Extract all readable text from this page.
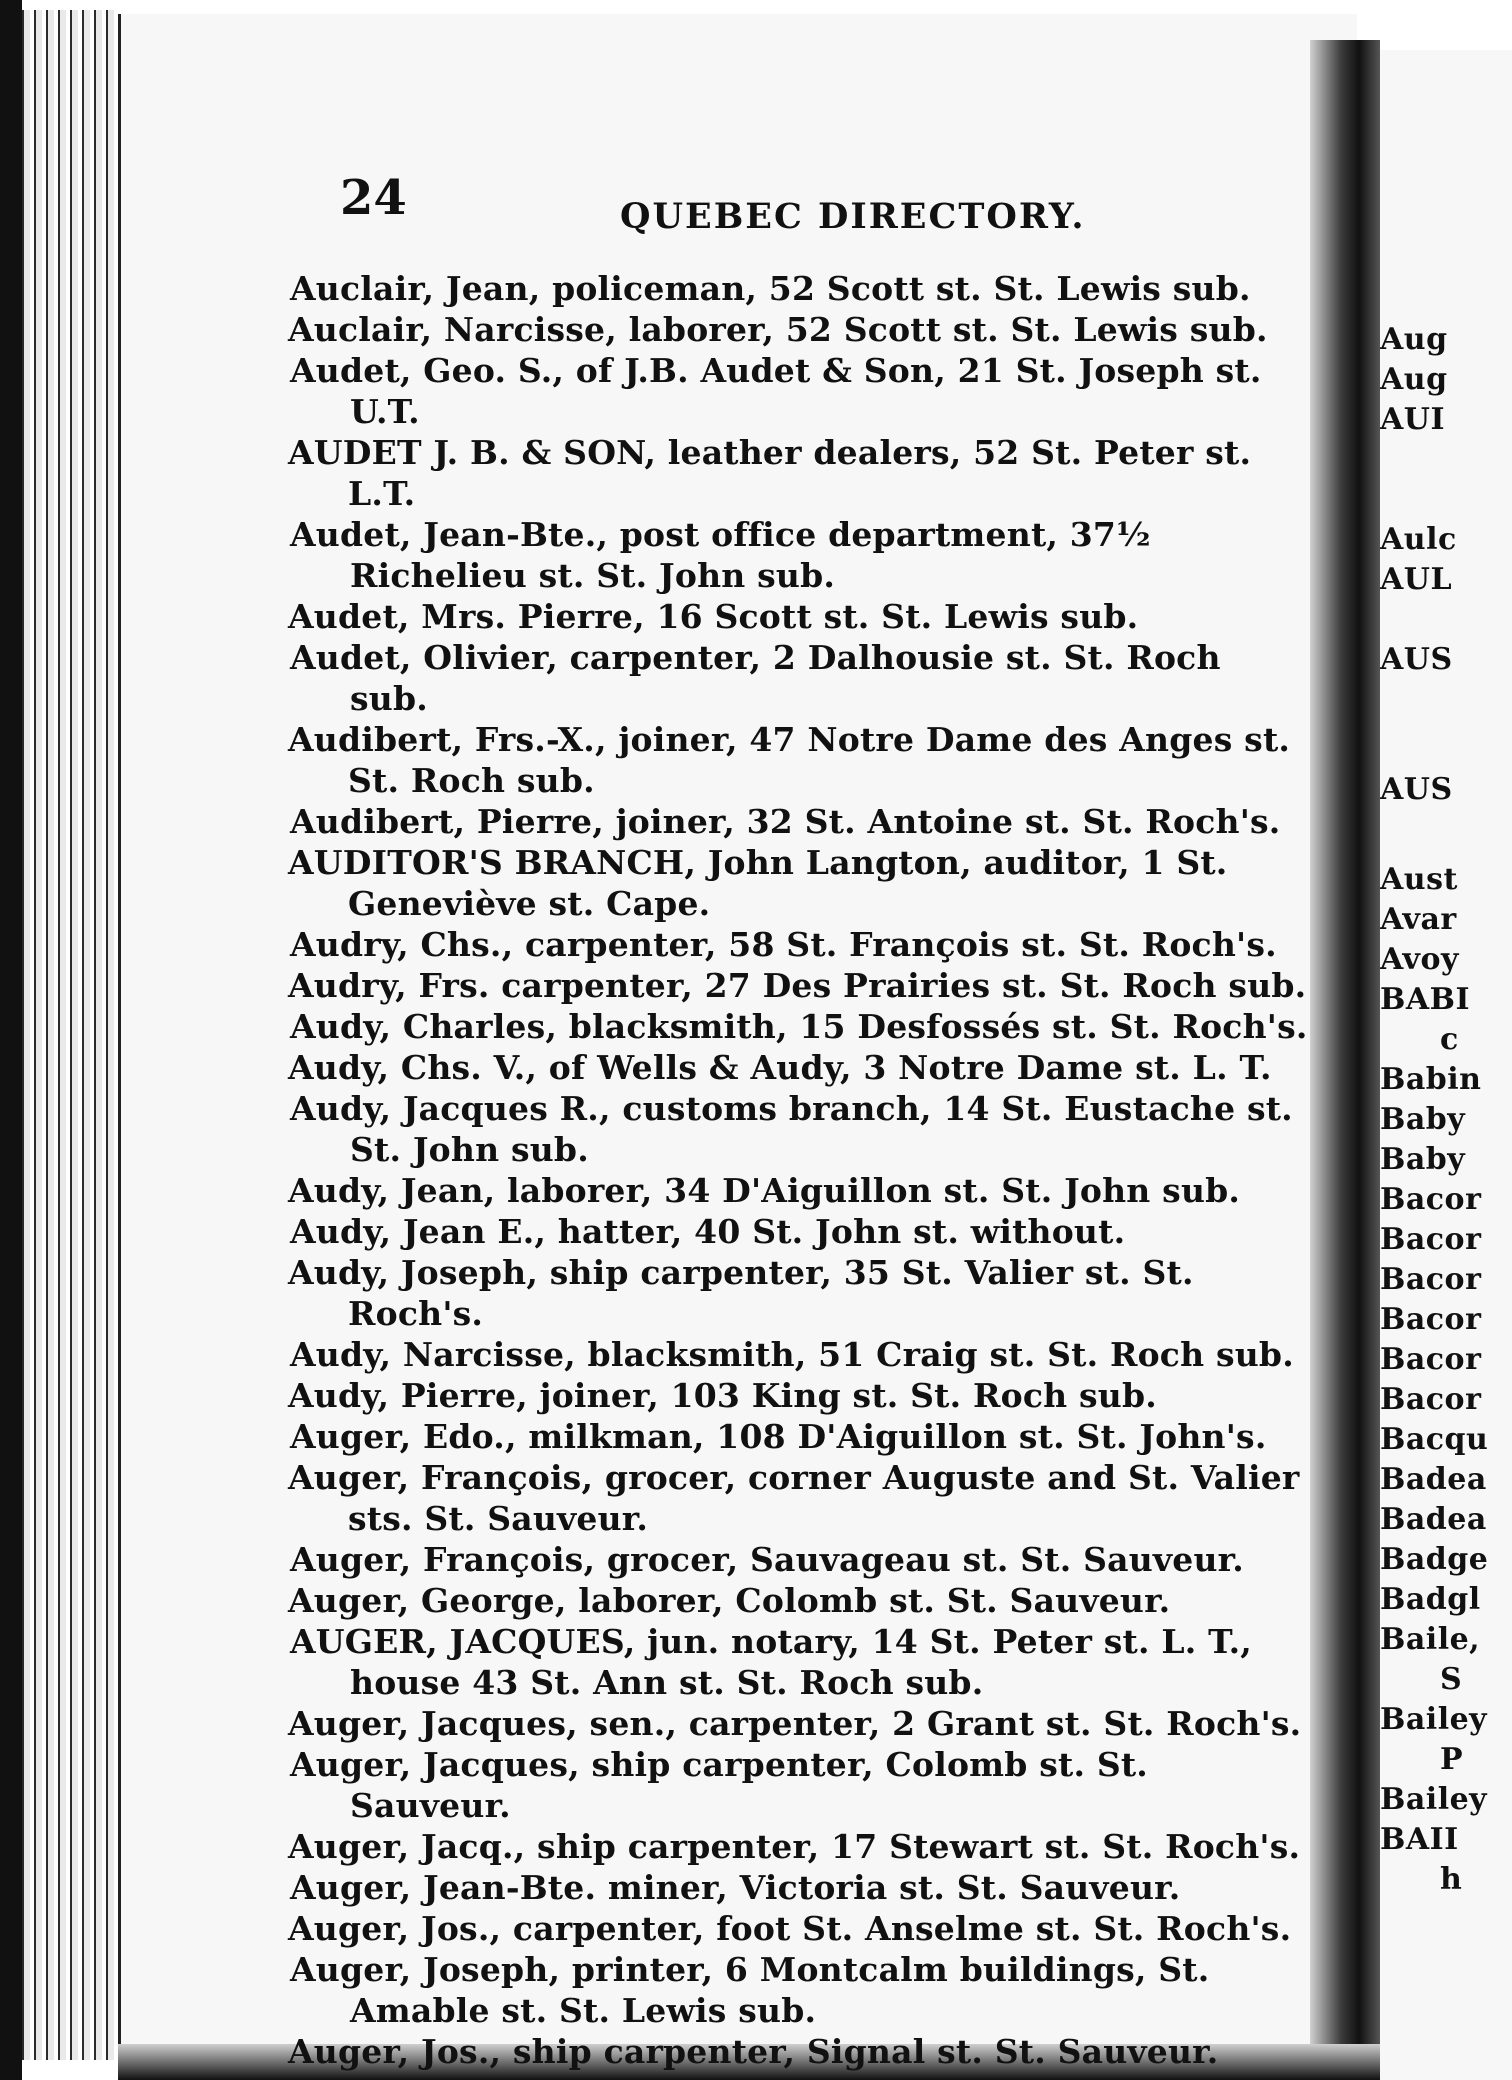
24	QUEBEC DIRECTORY.

Auclair, Jean, policeman, 52 Scott st. St. Lewis sub.

Auclair, Narcisse, laborer, 52 Scott st. St. Lewis sub.

Audet, Geo. S., of J.B. Audet & Son, 21 St. Joseph st. U.T.

AUDET J. B. & SON, leather dealers, 52 St. Peter st. L.T.

Audet, Jean-Bte., post office department, 37½ Richelieu st. St. John sub.

Audet, Mrs. Pierre, 16 Scott st. St. Lewis sub.

Audet, Olivier, carpenter, 2 Dalhousie st. St. Roch sub.

Audibert, Frs.-X., joiner, 47 Notre Dame des Anges st. St. Roch sub.

Audibert, Pierre, joiner, 32 St. Antoine st. St. Roch's.

AUDITOR'S BRANCH, John Langton, auditor, 1 St. Geneviève st. Cape.

Audry, Chs., carpenter, 58 St. François st. St. Roch's.

Audry, Frs. carpenter, 27 Des Prairies st. St. Roch sub.

Audy, Charles, blacksmith, 15 Desfossés st. St. Roch's.

Audy, Chs. V., of Wells & Audy, 3 Notre Dame st. L. T.

Audy, Jacques R., customs branch, 14 St. Eustache st. St. John sub.

Audy, Jean, laborer, 34 D'Aiguillon st. St. John sub.

Audy, Jean E., hatter, 40 St. John st. without.

Audy, Joseph, ship carpenter, 35 St. Valier st. St. Roch's.

Audy, Narcisse, blacksmith, 51 Craig st. St. Roch sub.

Audy, Pierre, joiner, 103 King st. St. Roch sub.

Auger, Edo., milkman, 108 D'Aiguillon st. St. John's.

Auger, François, grocer, corner Auguste and St. Valier sts. St. Sauveur.

Auger, François, grocer, Sauvageau st. St. Sauveur.

Auger, George, laborer, Colomb st. St. Sauveur.

AUGER, JACQUES, jun. notary, 14 St. Peter st. L. T., house 43 St. Ann st. St. Roch sub.

Auger, Jacques, sen., carpenter, 2 Grant st. St. Roch's.

Auger, Jacques, ship carpenter, Colomb st. St. Sauveur.

Auger, Jacq., ship carpenter, 17 Stewart st. St. Roch's.

Auger, Jean-Bte. miner, Victoria st. St. Sauveur.

Auger, Jos., carpenter, foot St. Anselme st. St. Roch's.

Auger, Joseph, printer, 6 Montcalm buildings, St. Amable st. St. Lewis sub.

Auger, Jos., ship carpenter, Signal st. St. Sauveur.

Aug
Aug
AUI
Aulc
AUL
AUS
AUS
Aust
Avar
Avoy
BABI
c
Babin
Baby
Baby
Bacor
Bacor
Bacor
Bacor
Bacor
Bacor
Bacqu
Badea
Badea
Badge
Badgl
Baile,
S
Bailey
P
Bailey
BAII
h
